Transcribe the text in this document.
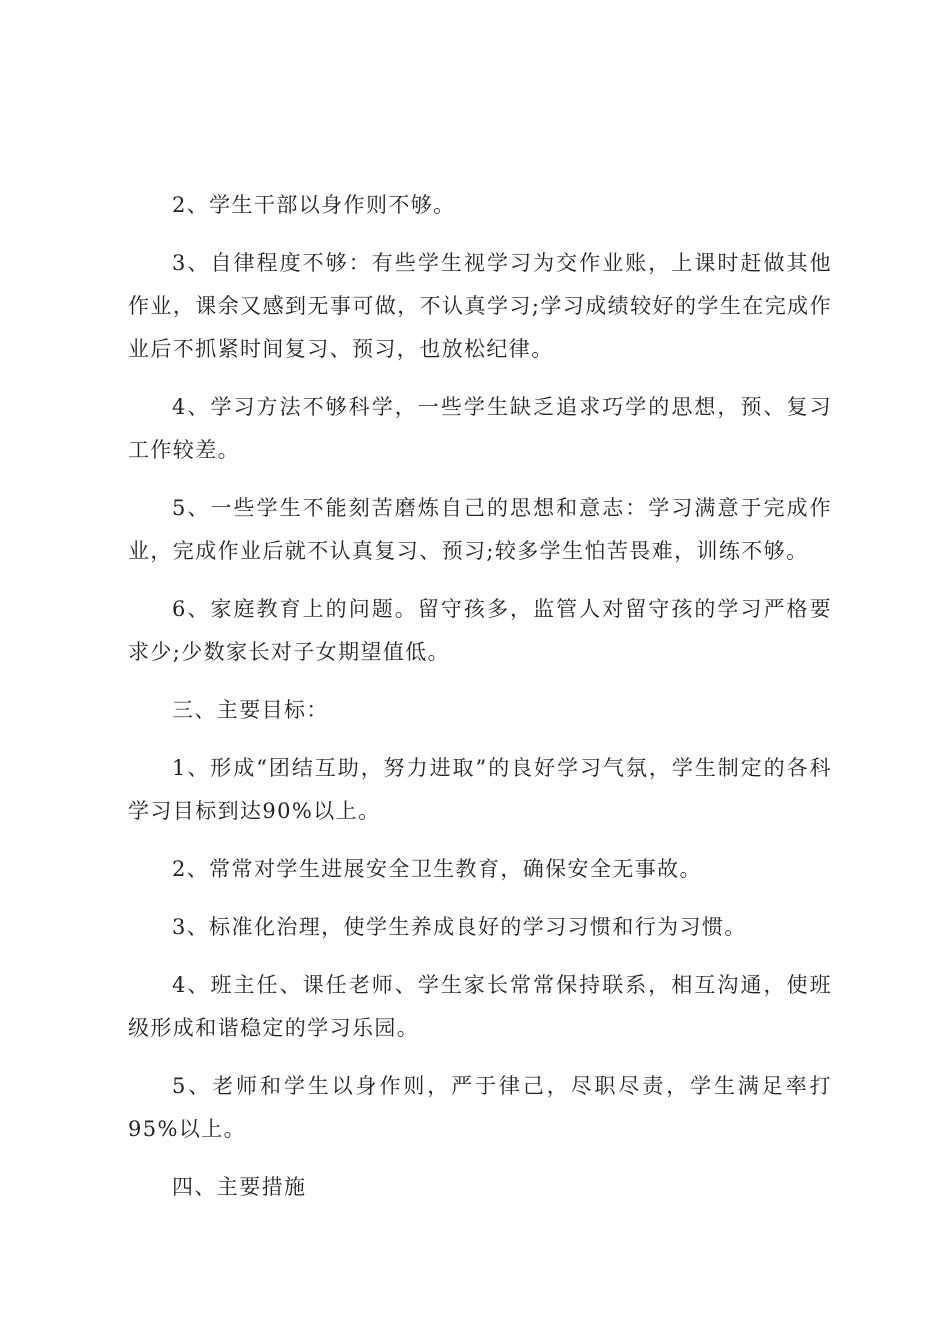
2、学生干部以身作则不够。

3、自律程度不够：有些学生视学习为交作业账，上课时赶做其他作业，课余又感到无事可做，不认真学习;学习成绩较好的学生在完成作业后不抓紧时间复习、预习，也放松纪律。

4、学习方法不够科学，一些学生缺乏追求巧学的思想，预、复习工作较差。

5、一些学生不能刻苦磨炼自己的思想和意志：学习满意于完成作业，完成作业后就不认真复习、预习;较多学生怕苦畏难，训练不够。

6、家庭教育上的问题。留守孩多，监管人对留守孩的学习严格要求少;少数家长对子女期望值低。

三、主要目标：

1、形成“团结互助，努力进取”的良好学习气氛，学生制定的各科学习目标到达90%以上。

2、常常对学生进展安全卫生教育，确保安全无事故。

3、标准化治理，使学生养成良好的学习习惯和行为习惯。

4、班主任、课任老师、学生家长常常保持联系，相互沟通，使班级形成和谐稳定的学习乐园。

5、老师和学生以身作则，严于律己，尽职尽责，学生满足率打95%以上。

四、主要措施
